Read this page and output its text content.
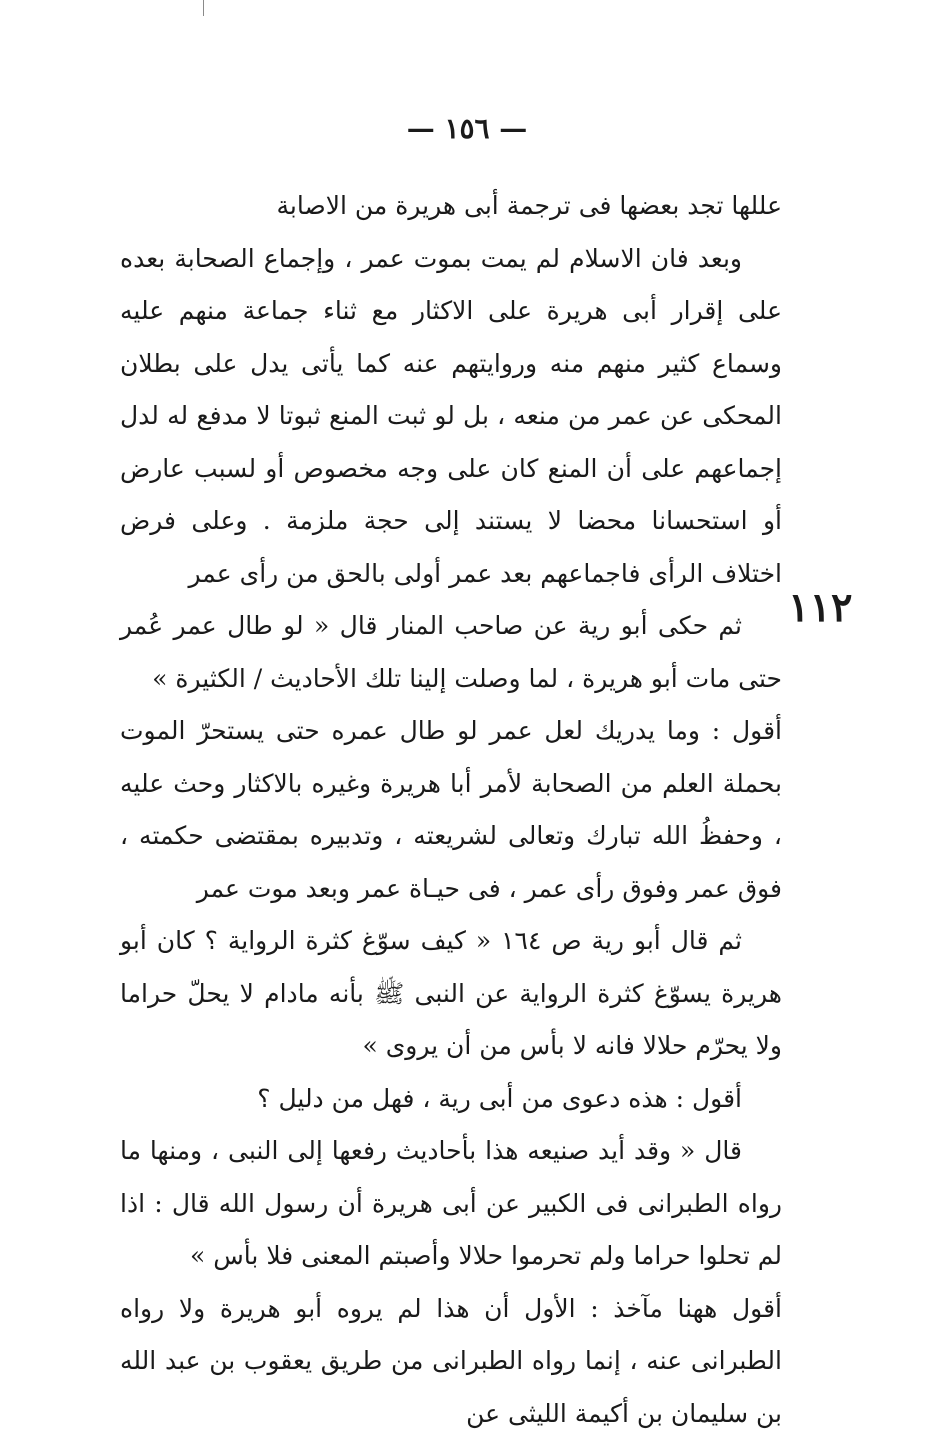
— ١٥٦ —
١١٢

عللها تجد بعضها فى ترجمة أبى هريرة من الاصابة

وبعد فان الاسلام لم يمت بموت عمر ، وإجماع الصحابة بعده على إقرار أبى هريرة على الاكثار مع ثناء جماعة منهم عليه وسماع كثير منهم منه وروايتهم عنه كما يأتى يدل على بطلان المحكى عن عمر من منعه ، بل لو ثبت المنع ثبوتا لا مدفع له لدل إجماعهم على أن المنع كان على وجه مخصوص أو لسبب عارض أو استحسانا محضا لا يستند إلى حجة ملزمة . وعلى فرض اختلاف الرأى فاجماعهم بعد عمر أولى بالحق من رأى عمر

ثم حكى أبو رية عن صاحب المنار قال « لو طال عمر عُمر حتى مات أبو هريرة ، لما وصلت إلينا تلك الأحاديث / الكثيرة »

أقول : وما يدريك لعل عمر لو طال عمره حتى يستحرّ الموت بحملة العلم من الصحابة لأمر أبا هريرة وغيره بالاكثار وحث عليه ، وحفظُ الله تبارك وتعالى لشريعته ، وتدبيره بمقتضى حكمته ، فوق عمر وفوق رأى عمر ، فى حيـاة عمر وبعد موت عمر

ثم قال أبو رية ص ١٦٤ « كيف سوّغ كثرة الرواية ؟ كان أبو هريرة يسوّغ كثرة الرواية عن النبى ﷺ بأنه مادام لا يحلّ حراما ولا يحرّم حلالا فانه لا بأس من أن يروى »

أقول : هذه دعوى من أبى رية ، فهل من دليل ؟

قال « وقد أيد صنيعه هذا بأحاديث رفعها إلى النبى ، ومنها ما رواه الطبرانى فى الكبير عن أبى هريرة أن رسول الله قال : اذا لم تحلوا حراما ولم تحرموا حلالا وأصبتم المعنى فلا بأس »

أقول ههنا مآخذ : الأول أن هذا لم يروه أبو هريرة ولا رواه الطبرانى عنه ، إنما رواه الطبرانى من طريق يعقوب بن عبد الله بن سليمان بن أكيمة الليثى عن
